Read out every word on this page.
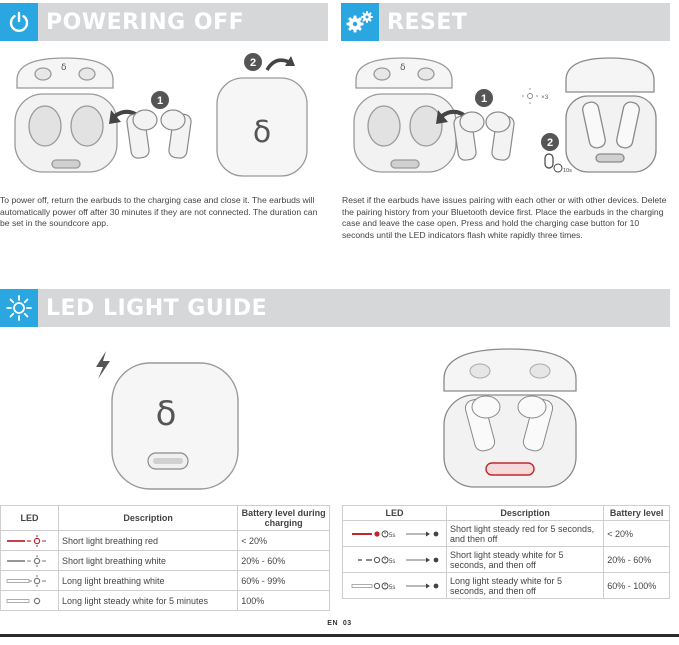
POWERING OFF	RESET
δ
1
δ
2	δ
1	×3
2
10s

To power off, return the earbuds to the charging case and close it. The earbuds will automatically power off after 30 minutes if they are not connected. The duration can be set in the soundcore app.

Reset if the earbuds have issues pairing with each other or with other devices. Delete the pairing history from your Bluetooth device first. Place the earbuds in the charging case and leave the case open. Press and hold the charging case button for 10 seconds until the LED indicators flash white rapidly three times.

LED LIGHT GUIDE
δ
LED	Description	Battery level during charging

	Short light breathing red	< 20%

	Short light breathing white	20% - 60%

	Long light breathing white	60% - 99%

	Long light steady white for 5 minutes	100%
LED	Description	Battery level

5s	Short light steady red for 5 seconds, and then off	< 20%

5s	Short light steady white for 5 seconds, and then off	20% - 60%

5s	Long light steady white for 5 seconds, and then off	60% - 100%
EN 03
